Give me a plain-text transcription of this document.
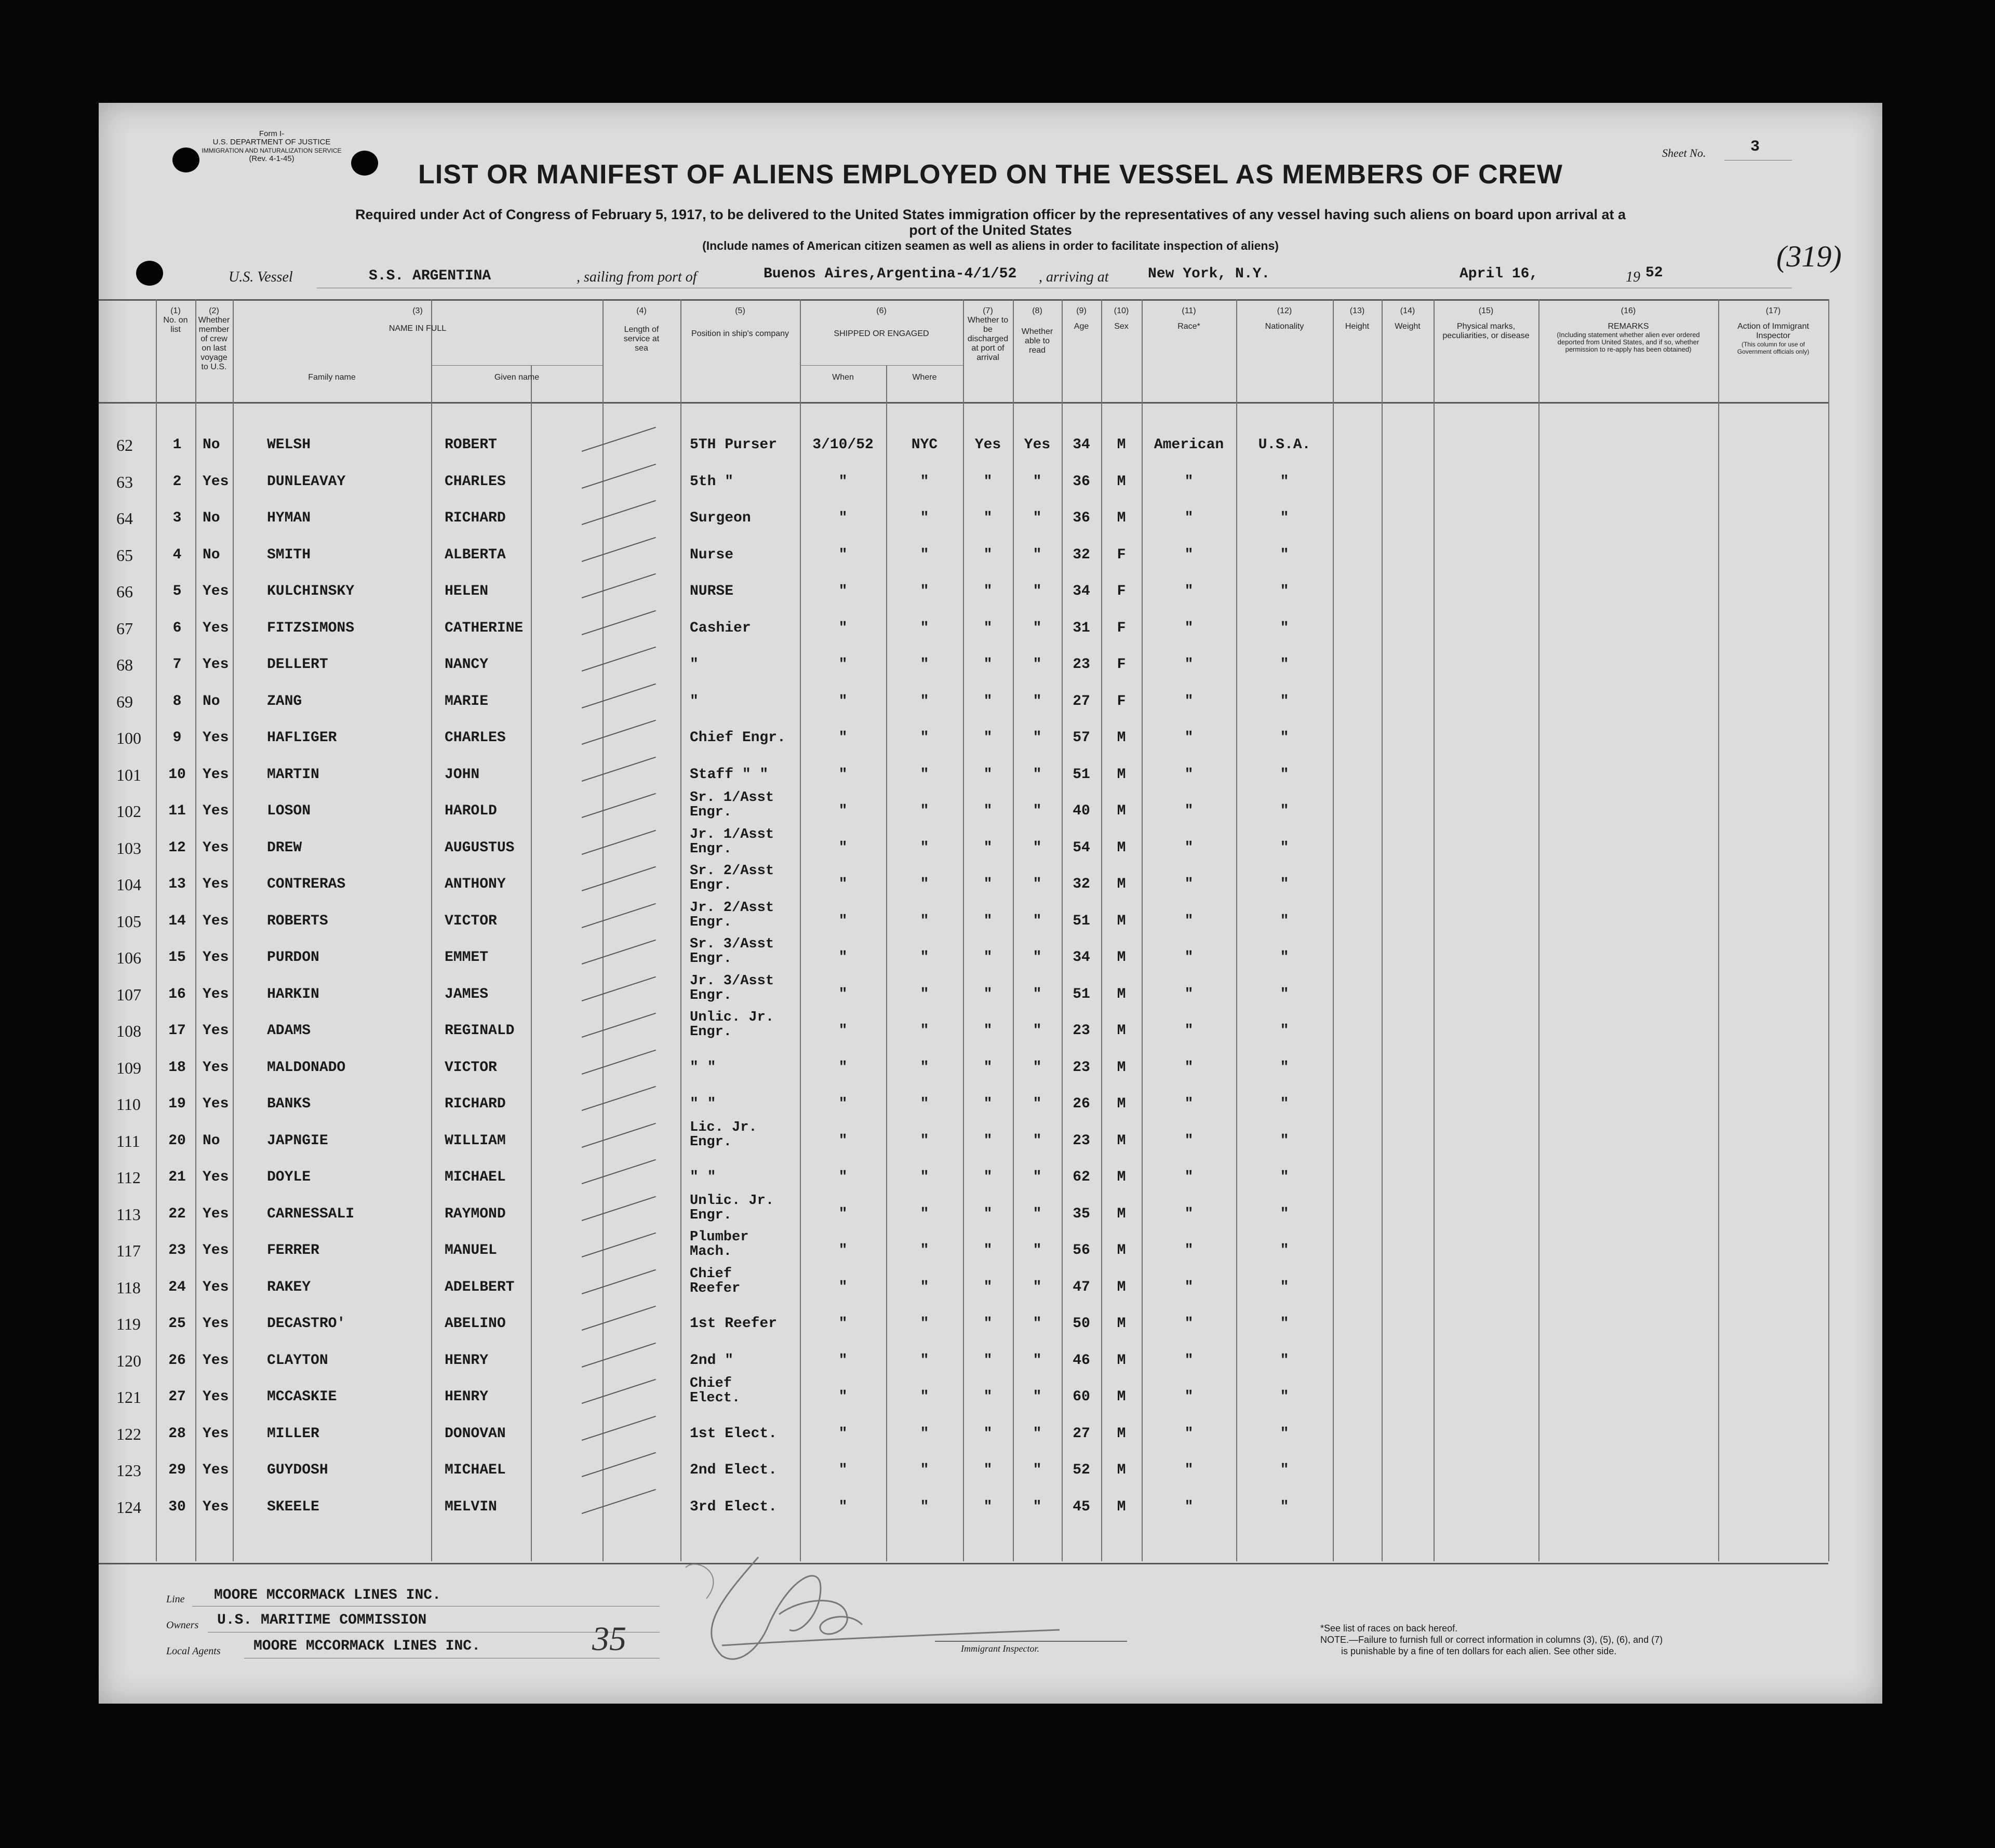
Form I-
U.S. DEPARTMENT OF JUSTICE
IMMIGRATION AND NATURALIZATION SERVICE
(Rev. 4-1-45)	Sheet No.	3
LIST OR MANIFEST OF ALIENS EMPLOYED ON THE VESSEL AS MEMBERS OF CREW
Required under Act of Congress of February 5, 1917, to be delivered to the United States immigration officer by the representatives of any vessel having such aliens on board upon arrival at a
port of the United States
(Include names of American citizen seamen as well as aliens in order to facilitate inspection of aliens)
U.S. Vessel	S.S. ARGENTINA	, sailing from port of	Buenos Aires,Argentina-4/1/52 , arriving at	New York, N.Y.	April 16,	19 52	(319)
(1)
No. on list
(2)
Whether member of crew on last voyage to U.S.
(3)
NAME IN FULL
Family name	Given name
(4)
Length of service at sea
(5)
Position in ship's company
(6)
SHIPPED OR ENGAGED
When	Where
(7)
Whether to be discharged at port of arrival
(8)
Whether able to read
(9)
Age
(10)
Sex
(11)
Race*
(12)
Nationality
(13)
Height
(14)
Weight
(15)
Physical marks, peculiarities, or disease
(16)
REMARKS
(Including statement whether alien ever ordered deported from United States, and if so, whether permission to re-apply has been obtained)
(17)
Action of Immigrant Inspector
(This column for use of Government officials only)
62	1	No	WELSH	ROBERT	5TH Purser	3/10/52	NYC	Yes	Yes	34	M	American	U.S.A.
63	2	Yes	DUNLEAVAY	CHARLES	5th "	"	"	"	"	36	M	"	"
64	3	No	HYMAN	RICHARD	Surgeon	"	"	"	"	36	M	"	"
65	4	No	SMITH	ALBERTA	Nurse	"	"	"	"	32	F	"	"
66	5	Yes	KULCHINSKY	HELEN	NURSE	"	"	"	"	34	F	"	"
67	6	Yes	FITZSIMONS	CATHERINE	Cashier	"	"	"	"	31	F	"	"
68	7	Yes	DELLERT	NANCY	"	"	"	"	"	23	F	"	"
69	8	No	ZANG	MARIE	"	"	"	"	"	27	F	"	"
100	9	Yes	HAFLIGER	CHARLES	Chief Engr.	"	"	"	"	57	M	"	"
101	10	Yes	MARTIN	JOHN	Staff " "	"	"	"	"	51	M	"	"
102	11	Yes	LOSON	HAROLD
Sr. 1/Asst
Engr.	"	"	"	"	40	M	"	"
103	12	Yes	DREW	AUGUSTUS
Jr. 1/Asst
Engr.	"	"	"	"	54	M	"	"
104	13	Yes	CONTRERAS	ANTHONY
Sr. 2/Asst
Engr.	"	"	"	"	32	M	"	"
105	14	Yes	ROBERTS	VICTOR
Jr. 2/Asst
Engr.	"	"	"	"	51	M	"	"
106	15	Yes	PURDON	EMMET
Sr. 3/Asst
Engr.	"	"	"	"	34	M	"	"
107	16	Yes	HARKIN	JAMES
Jr. 3/Asst
Engr.	"	"	"	"	51	M	"	"
108	17	Yes	ADAMS	REGINALD
Unlic. Jr.
Engr.	"	"	"	"	23	M	"	"
109	18	Yes	MALDONADO	VICTOR	" "	"	"	"	"	23	M	"	"
110	19	Yes	BANKS	RICHARD	" "	"	"	"	"	26	M	"	"
111	20	No	JAPNGIE	WILLIAM
Lic. Jr.
Engr.	"	"	"	"	23	M	"	"
112	21	Yes	DOYLE	MICHAEL	" "	"	"	"	"	62	M	"	"
113	22	Yes	CARNESSALI	RAYMOND
Unlic. Jr.
Engr.	"	"	"	"	35	M	"	"
117	23	Yes	FERRER	MANUEL
Plumber
Mach.	"	"	"	"	56	M	"	"
118	24	Yes	RAKEY	ADELBERT
Chief
Reefer	"	"	"	"	47	M	"	"
119	25	Yes	DECASTRO'	ABELINO	1st Reefer	"	"	"	"	50	M	"	"
120	26	Yes	CLAYTON	HENRY	2nd "	"	"	"	"	46	M	"	"
121	27	Yes	MCCASKIE	HENRY
Chief
Elect.	"	"	"	"	60	M	"	"
122	28	Yes	MILLER	DONOVAN	1st Elect.	"	"	"	"	27	M	"	"
123	29	Yes	GUYDOSH	MICHAEL	2nd Elect.	"	"	"	"	52	M	"	"
124	30	Yes	SKEELE	MELVIN	3rd Elect.	"	"	"	"	45	M	"	"
Line MOORE MCCORMACK LINES INC.
Owners U.S. MARITIME COMMISSION
Local Agents MOORE MCCORMACK LINES INC.	35	Immigrant Inspector.
*See list of races on back hereof.
NOTE.—Failure to furnish full or correct information in columns (3), (5), (6), and (7)
is punishable by a fine of ten dollars for each alien. See other side.
